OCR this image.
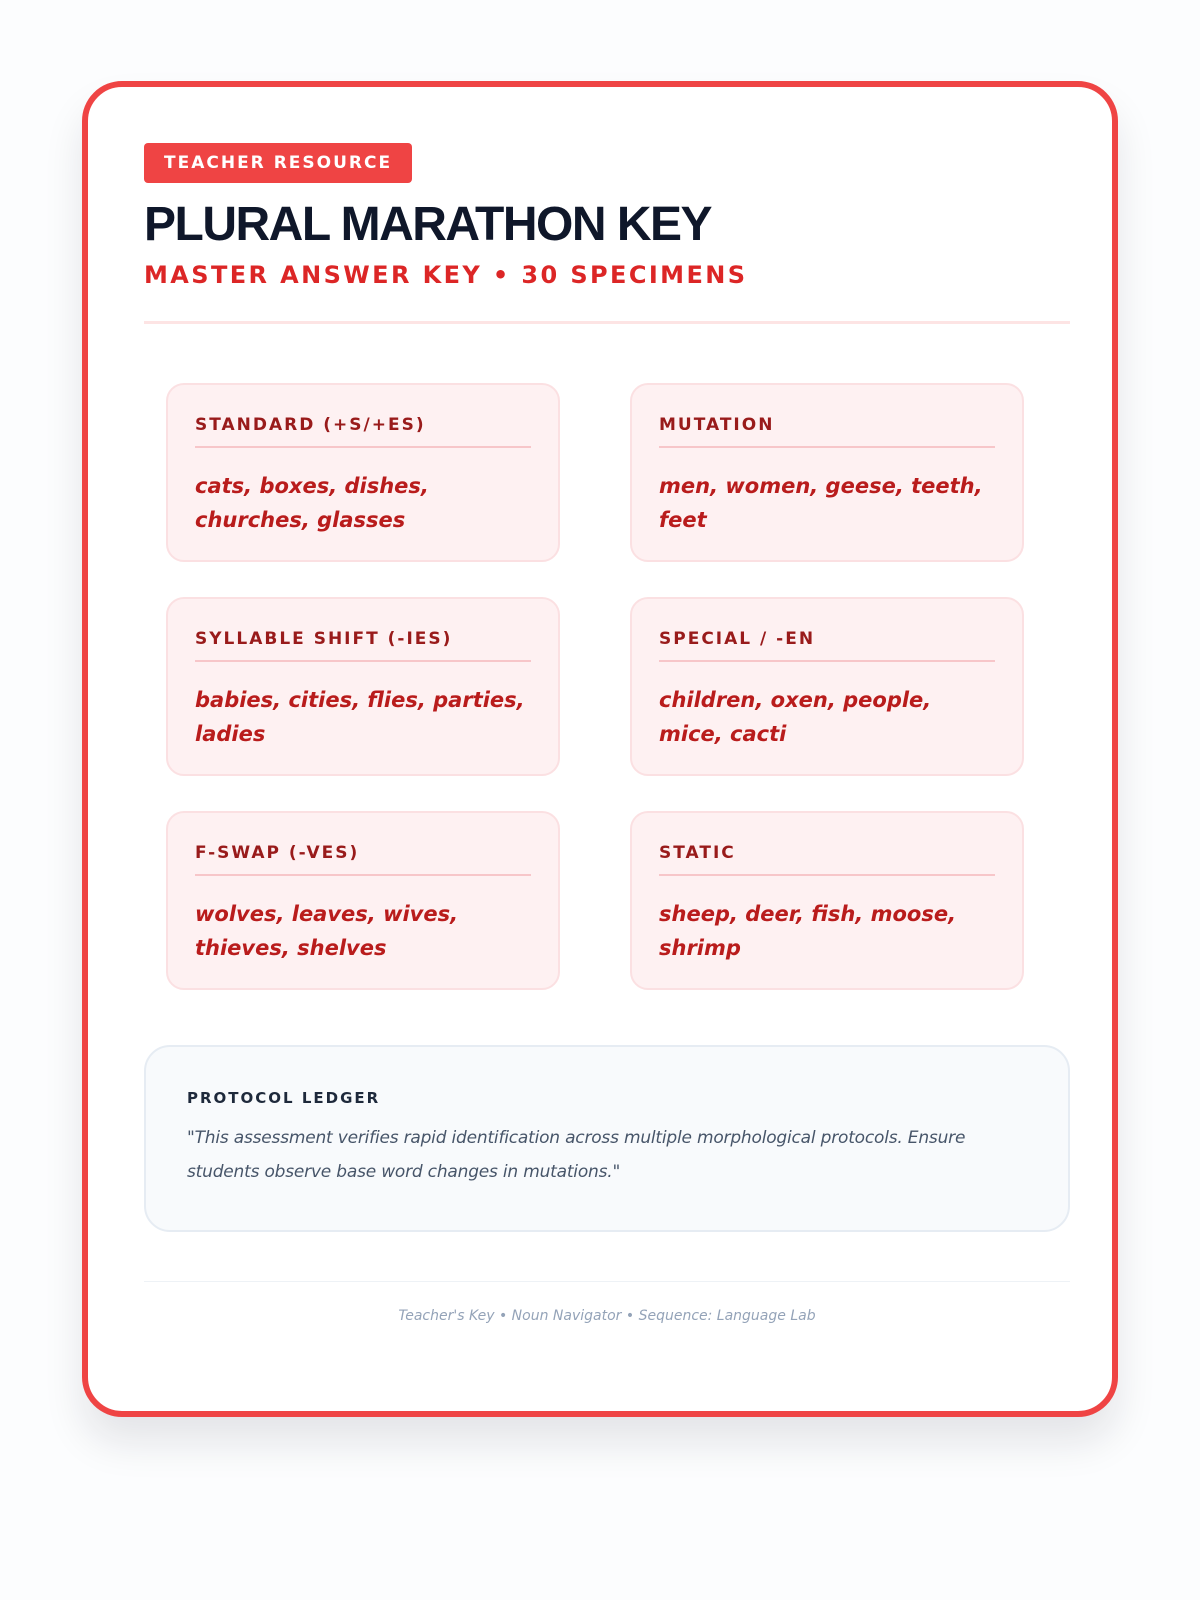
TEACHER RESOURCE
PLURAL MARATHON KEY
MASTER ANSWER KEY • 30 SPECIMENS
STANDARD (+S/+ES)
cats, boxes, dishes, churches, glasses
MUTATION
men, women, geese, teeth, feet
SYLLABLE SHIFT (-IES)
babies, cities, flies, parties, ladies
SPECIAL / -EN
children, oxen, people, mice, cacti
F-SWAP (-VES)
wolves, leaves, wives, thieves, shelves
STATIC
sheep, deer, fish, moose, shrimp
PROTOCOL LEDGER
"This assessment verifies rapid identification across multiple morphological protocols. Ensure students observe base word changes in mutations."
Teacher's Key • Noun Navigator • Sequence: Language Lab
